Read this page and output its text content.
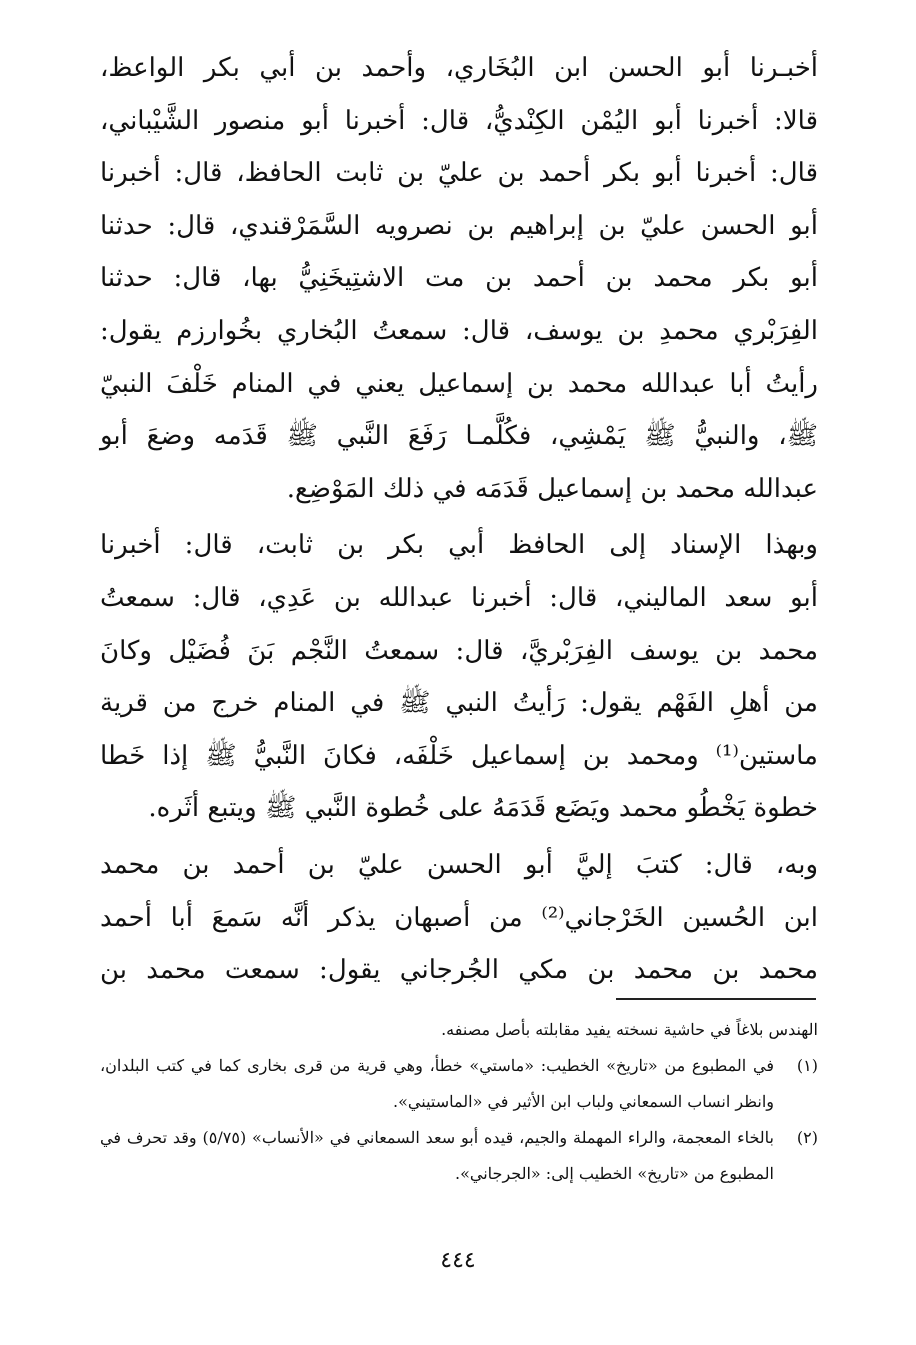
أخبـرنا أبو الحسن ابن البُخَاري، وأحمد بن أبي بكر الواعظ،
قالا: أخبرنا أبو اليُمْن الكِنْديُّ، قال: أخبرنا أبو منصور الشَّيْباني،
قال: أخبرنا أبو بكر أحمد بن عليّ بن ثابت الحافظ، قال: أخبرنا
أبو الحسن عليّ بن إبراهيم بن نصرويه السَّمَرْقندي، قال: حدثنا
أبو بكر محمد بن أحمد بن مت الاشتِيخَنِيُّ بها، قال: حدثنا
الفِرَبْري محمدِ بن يوسف، قال: سمعتُ البُخاري بخُوارزم يقول:
رأيتُ أبا عبدالله محمد بن إسماعيل يعني في المنام خَلْفَ النبيّ
ﷺ، والنبيُّ ﷺ يَمْشِي، فكُلَّمـا رَفَعَ النَّبي ﷺ قَدَمه وضعَ أبو
عبدالله محمد بن إسماعيل قَدَمَه في ذلك المَوْضِع.

وبهذا الإسناد إلى الحافظ أبي بكر بن ثابت، قال: أخبرنا
أبو سعد الماليني، قال: أخبرنا عبدالله بن عَدِي، قال: سمعتُ
محمد بن يوسف الفِرَبْريَّ، قال: سمعتُ النَّجْم بَنَ فُضَيْل وكانَ
من أهلِ الفَهْم يقول: رَأيتُ النبي ﷺ في المنام خرج من قرية
ماستين⁽¹⁾ ومحمد بن إسماعيل خَلْفَه، فكانَ النَّبيُّ ﷺ إذا خَطا
خطوة يَخْطُو محمد ويَضَع قَدَمَهُ على خُطوة النَّبي ﷺ ويتبع أثَره.

وبه، قال: كتبَ إليَّ أبو الحسن عليّ بن أحمد بن محمد
ابن الحُسين الخَرْجاني⁽²⁾ من أصبهان يذكر أنَّه سَمعَ أبا أحمد
محمد بن محمد بن مكي الجُرجاني يقول: سمعت محمد بن

الهندس بلاغاً في حاشية نسخته يفيد مقابلته بأصل مصنفه.
(١)
في المطبوع من «تاريخ» الخطيب: «ماستي» خطأ، وهي قرية من قرى بخارى كما في كتب البلدان، وانظر انساب السمعاني ولباب ابن الأثير في «الماستيني».
(٢)
بالخاء المعجمة، والراء المهملة والجيم، قيده أبو سعد السمعاني في «الأنساب» (٥/٧٥) وقد تحرف في المطبوع من «تاريخ» الخطيب إلى: «الجرجاني».
٤٤٤
